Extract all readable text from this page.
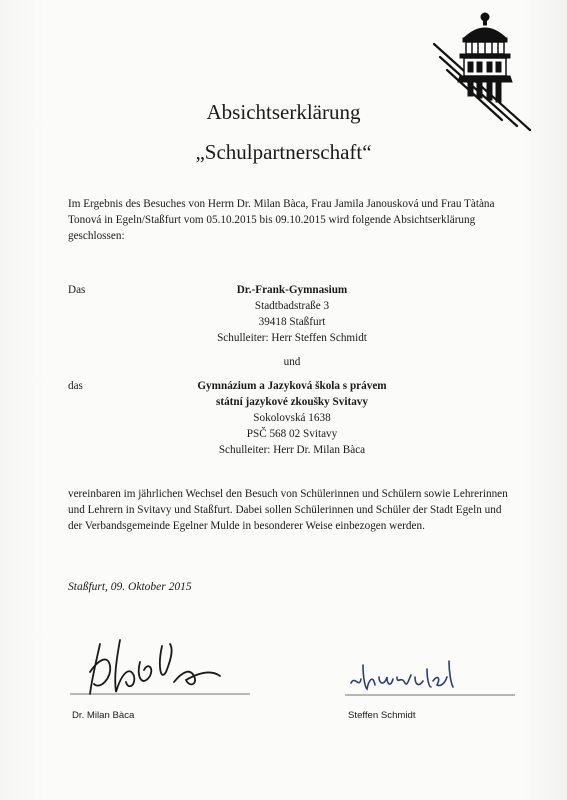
Absichtserklärung
„Schulpartnerschaft“
Im Ergebnis des Besuches von Herrn Dr. Milan Bàca, Frau Jamila Janousková und Frau Tàtàna Tonová in Egeln/Staßfurt vom 05.10.2015 bis 09.10.2015 wird folgende Absichtserklärung geschlossen:
Das	Dr.-Frank-Gymnasium
Stadtbadstraße 3
39418 Staßfurt
Schulleiter: Herr Steffen Schmidt
und
das	Gymnázium a Jazyková škola s právem
státní jazykové zkoušky Svitavy
Sokolovská 1638
PSČ 568 02 Svitavy
Schulleiter: Herr Dr. Milan Bàca
vereinbaren im jährlichen Wechsel den Besuch von Schülerinnen und Schülern sowie Lehrerinnen und Lehrern in Svitavy und Staßfurt. Dabei sollen Schülerinnen und Schüler der Stadt Egeln und der Verbandsgemeinde Egelner Mulde in besonderer Weise einbezogen werden.
Staßfurt, 09. Oktober 2015
Dr. Milan Bàca	Steffen Schmidt
